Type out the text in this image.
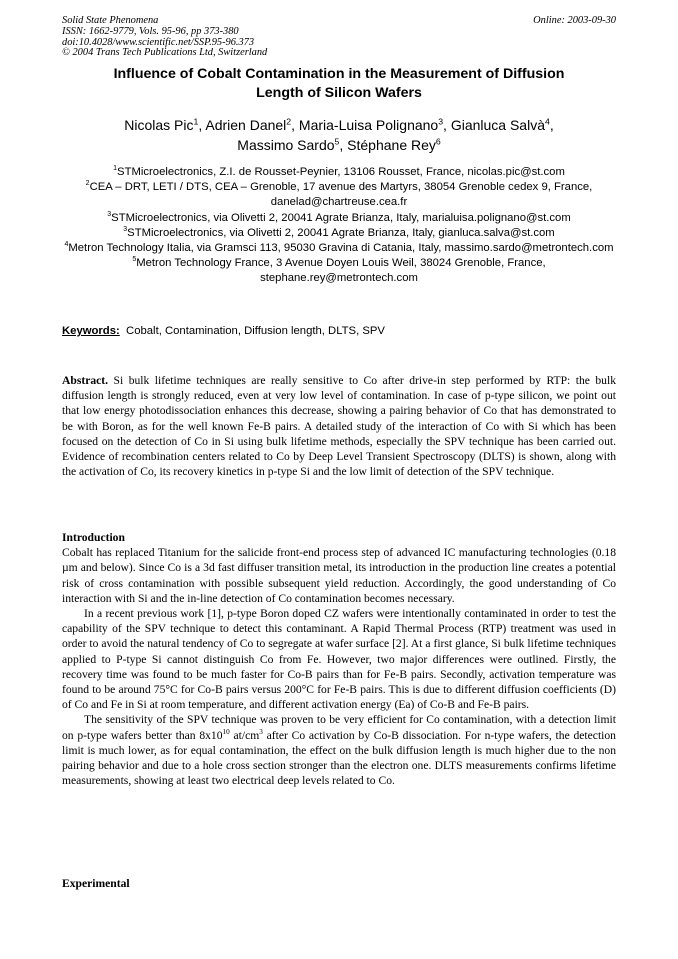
Solid State Phenomena
ISSN: 1662-9779, Vols. 95-96, pp 373-380
doi:10.4028/www.scientific.net/SSP.95-96.373
© 2004 Trans Tech Publications Ltd, Switzerland
Online: 2003-09-30
Influence of Cobalt Contamination in the Measurement of Diffusion
Length of Silicon Wafers
Nicolas Pic$^1$, Adrien Danel$^2$, Maria-Luisa Polignano$^3$, Gianluca Salvà$^4$,
Massimo Sardo$^5$, Stéphane Rey$^6$
$^1$STMicroelectronics, Z.I. de Rousset-Peynier, 13106 Rousset, France, nicolas.pic@st.com
$^2$CEA – DRT, LETI / DTS, CEA – Grenoble, 17 avenue des Martyrs, 38054 Grenoble cedex 9, France, danelad@chartreuse.cea.fr
$^3$STMicroelectronics, via Olivetti 2, 20041 Agrate Brianza, Italy, marialuisa.polignano@st.com
$^3$STMicroelectronics, via Olivetti 2, 20041 Agrate Brianza, Italy, gianluca.salva@st.com
$^4$Metron Technology Italia, via Gramsci 113, 95030 Gravina di Catania, Italy, massimo.sardo@metrontech.com
$^5$Metron Technology France, 3 Avenue Doyen Louis Weil, 38024 Grenoble, France, stephane.rey@metrontech.com
Keywords: Cobalt, Contamination, Diffusion length, DLTS, SPV
Abstract. Si bulk lifetime techniques are really sensitive to Co after drive-in step performed by RTP: the bulk diffusion length is strongly reduced, even at very low level of contamination. In case of p-type silicon, we point out that low energy photodissociation enhances this decrease, showing a pairing behavior of Co that has demonstrated to be with Boron, as for the well known Fe-B pairs. A detailed study of the interaction of Co with Si which has been focused on the detection of Co in Si using bulk lifetime methods, especially the SPV technique has been carried out. Evidence of recombination centers related to Co by Deep Level Transient Spectroscopy (DLTS) is shown, along with the activation of Co, its recovery kinetics in p-type Si and the low limit of detection of the SPV technique.
Introduction

Cobalt has replaced Titanium for the salicide front-end process step of advanced IC manufacturing technologies (0.18 µm and below). Since Co is a 3d fast diffuser transition metal, its introduction in the production line creates a potential risk of cross contamination with possible subsequent yield reduction. Accordingly, the good understanding of Co interaction with Si and the in-line detection of Co contamination becomes necessary.

In a recent previous work [1], p-type Boron doped CZ wafers were intentionally contaminated in order to test the capability of the SPV technique to detect this contaminant. A Rapid Thermal Process (RTP) treatment was used in order to avoid the natural tendency of Co to segregate at wafer surface [2]. At a first glance, Si bulk lifetime techniques applied to P-type Si cannot distinguish Co from Fe. However, two major differences were outlined. Firstly, the recovery time was found to be much faster for Co-B pairs than for Fe-B pairs. Secondly, activation temperature was found to be around 75°C for Co-B pairs versus 200°C for Fe-B pairs. This is due to different diffusion coefficients (D) of Co and Fe in Si at room temperature, and different activation energy (Ea) of Co-B and Fe-B pairs.

The sensitivity of the SPV technique was proven to be very efficient for Co contamination, with a detection limit on p-type wafers better than $8x10^{10}$ $at/cm^3$ after Co activation by Co-B dissociation. For n-type wafers, the detection limit is much lower, as for equal contamination, the effect on the bulk diffusion length is much higher due to the non pairing behavior and due to a hole cross section stronger than the electron one. DLTS measurements confirms lifetime measurements, showing at least two electrical deep levels related to Co.

Experimental
